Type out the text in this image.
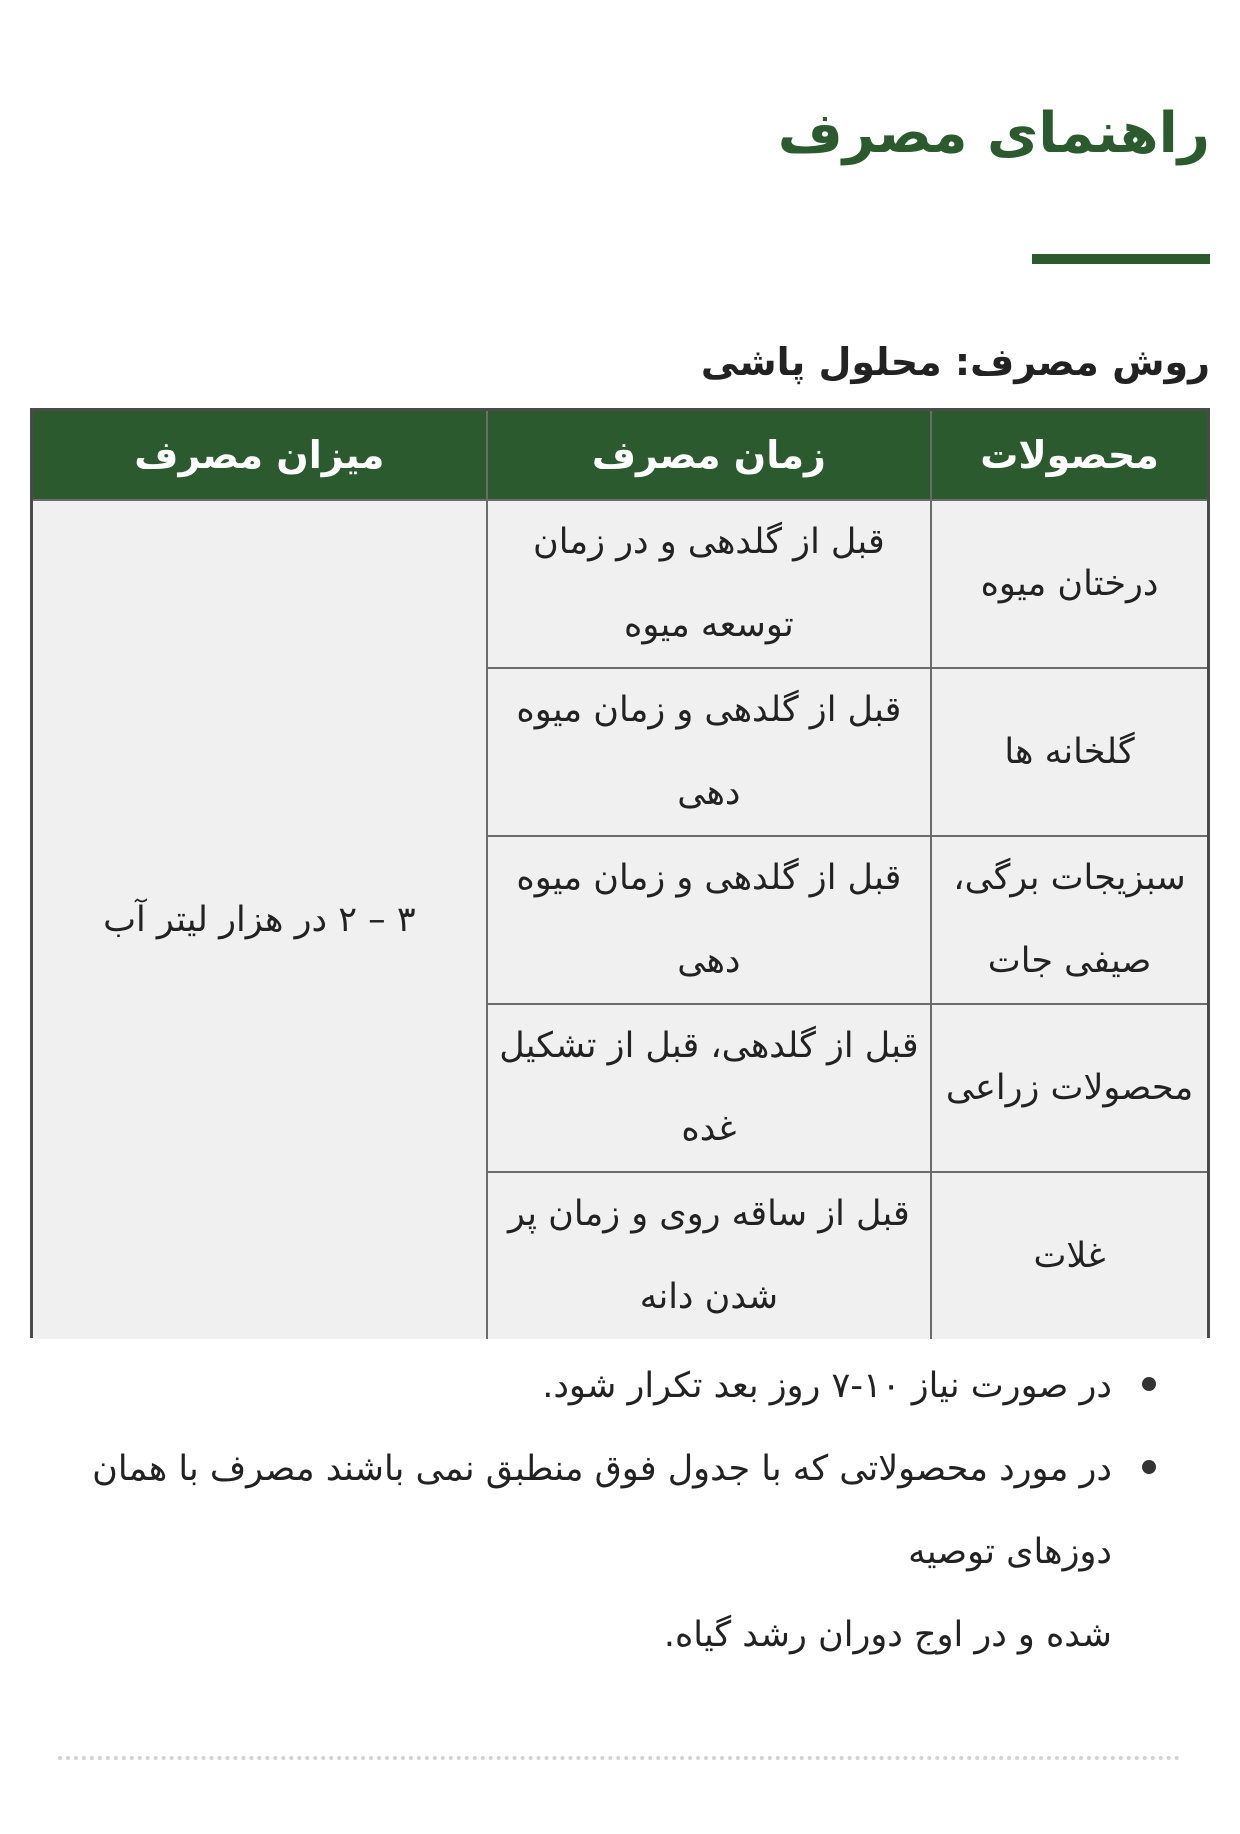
راهنمای مصرف
روش مصرف: محلول پاشی
محصولات	زمان مصرف	میزان مصرف
درختان میوه	قبل از گلدهی و در زمان توسعه میوه	۳ – ۲ در هزار لیتر آب
گلخانه ها	قبل از گلدهی و زمان میوه دهی	
سبزیجات برگی، صیفی جات	قبل از گلدهی و زمان میوه دهی	
محصولات زراعی	قبل از گلدهی، قبل از تشکیل غده	
غلات	قبل از ساقه روی و زمان پر شدن دانه	
در صورت نیاز ۱۰-۷ روز بعد تکرار شود.
در مورد محصولاتی که با جدول فوق منطبق نمی باشند مصرف با همان دوزهای توصیه
شده و در اوج دوران رشد گیاه.
